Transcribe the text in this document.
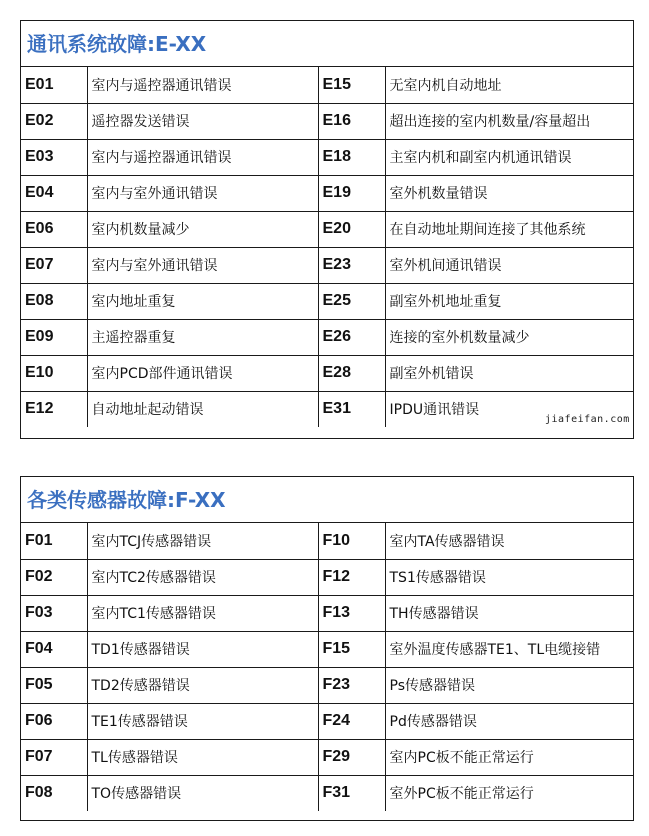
通讯系统故障:E-XX
E01	室内与遥控器通讯错误	E15	无室内机自动地址
E02	遥控器发送错误	E16	超出连接的室内机数量/容量超出
E03	室内与遥控器通讯错误	E18	主室内机和副室内机通讯错误
E04	室内与室外通讯错误	E19	室外机数量错误
E06	室内机数量减少	E20	在自动地址期间连接了其他系统
E07	室内与室外通讯错误	E23	室外机间通讯错误
E08	室内地址重复	E25	副室外机地址重复
E09	主遥控器重复	E26	连接的室外机数量减少
E10	室内PCD部件通讯错误	E28	副室外机错误
E12	自动地址起动错误	E31	IPDU通讯错误
jiafeifan.com
各类传感器故障:F-XX
F01	室内TCJ传感器错误	F10	室内TA传感器错误
F02	室内TC2传感器错误	F12	TS1传感器错误
F03	室内TC1传感器错误	F13	TH传感器错误
F04	TD1传感器错误	F15	室外温度传感器TE1、TL电缆接错
F05	TD2传感器错误	F23	Ps传感器错误
F06	TE1传感器错误	F24	Pd传感器错误
F07	TL传感器错误	F29	室内PC板不能正常运行
F08	TO传感器错误	F31	室外PC板不能正常运行
